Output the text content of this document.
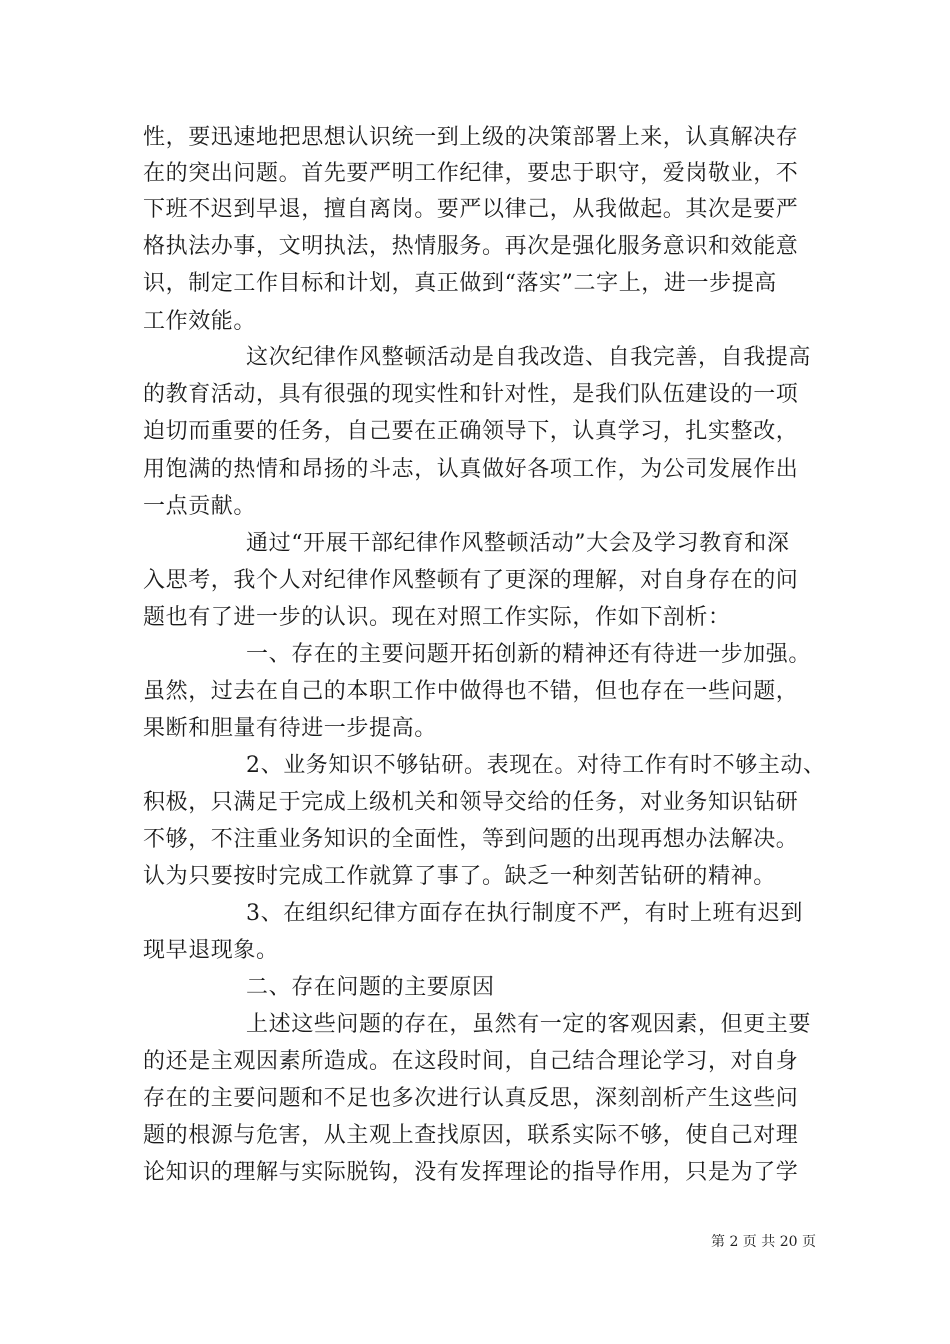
性，要迅速地把思想认识统一到上级的决策部署上来，认真解决存
在的突出问题。首先要严明工作纪律，要忠于职守，爱岗敬业，不
下班不迟到早退，擅自离岗。要严以律己，从我做起。其次是要严
格执法办事，文明执法，热情服务。再次是强化服务意识和效能意
识，制定工作目标和计划，真正做到“落实”二字上，进一步提高
工作效能。
这次纪律作风整顿活动是自我改造、自我完善，自我提高
的教育活动，具有很强的现实性和针对性，是我们队伍建设的一项
迫切而重要的任务，自己要在正确领导下，认真学习，扎实整改，
用饱满的热情和昂扬的斗志，认真做好各项工作，为公司发展作出
一点贡献。
通过“开展干部纪律作风整顿活动”大会及学习教育和深
入思考，我个人对纪律作风整顿有了更深的理解，对自身存在的问
题也有了进一步的认识。现在对照工作实际，作如下剖析：
一、存在的主要问题开拓创新的精神还有待进一步加强。
虽然，过去在自己的本职工作中做得也不错，但也存在一些问题，
果断和胆量有待进一步提高。
2、业务知识不够钻研。表现在。对待工作有时不够主动、
积极，只满足于完成上级机关和领导交给的任务，对业务知识钻研
不够，不注重业务知识的全面性，等到问题的出现再想办法解决。
认为只要按时完成工作就算了事了。缺乏一种刻苦钻研的精神。
3、在组织纪律方面存在执行制度不严，有时上班有迟到
现早退现象。
二、存在问题的主要原因
上述这些问题的存在，虽然有一定的客观因素，但更主要
的还是主观因素所造成。在这段时间，自己结合理论学习，对自身
存在的主要问题和不足也多次进行认真反思，深刻剖析产生这些问
题的根源与危害，从主观上查找原因，联系实际不够，使自己对理
论知识的理解与实际脱钩，没有发挥理论的指导作用，只是为了学
第 2 页 共 20 页
